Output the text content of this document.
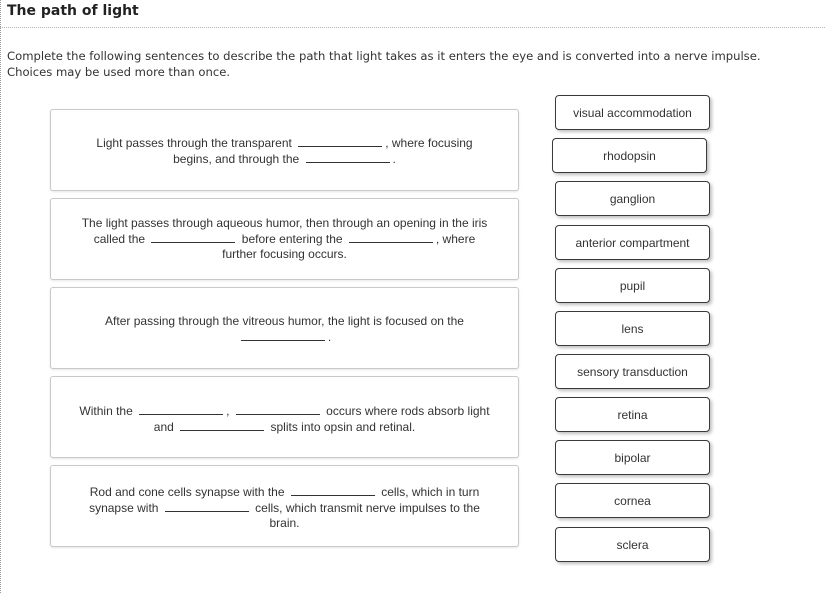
The path of light
Complete the following sentences to describe the path that light takes as it enters the eye and is converted into a nerve impulse.
Choices may be used more than once.
Light passes through the transparent	, where focusing begins, and through the	.
The light passes through aqueous humor, then through an opening in the iris called the	before entering the	, where further focusing occurs.
After passing through the vitreous humor, the light is focused on the .
Within the	,	occurs where rods absorb light and	splits into opsin and retinal.
Rod and cone cells synapse with the	cells, which in turn synapse with	cells, which transmit nerve impulses to the brain.
visual accommodation
rhodopsin
ganglion
anterior compartment
pupil
lens
sensory transduction
retina
bipolar
cornea
sclera
